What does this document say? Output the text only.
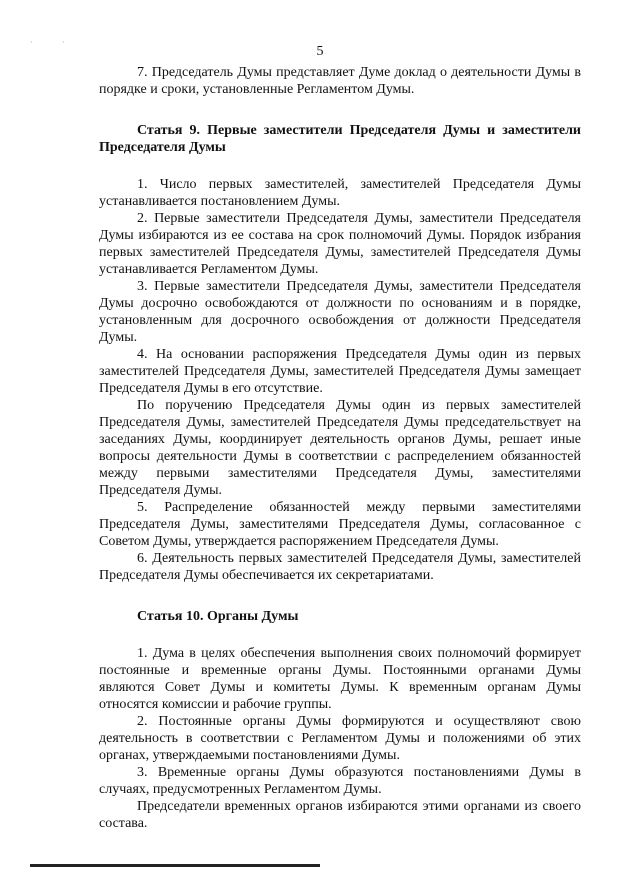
·	·
5

7. Председатель Думы представляет Думе доклад о деятельности Думы в порядке и сроки, установленные Регламентом Думы.

Статья 9. Первые заместители Председателя Думы и заместители Председателя Думы

1. Число первых заместителей, заместителей Председателя Думы устанавливается постановлением Думы.

2. Первые заместители Председателя Думы, заместители Председателя Думы избираются из ее состава на срок полномочий Думы. Порядок избрания первых заместителей Председателя Думы, заместителей Председателя Думы устанавливается Регламентом Думы.

3. Первые заместители Председателя Думы, заместители Председателя Думы досрочно освобождаются от должности по основаниям и в порядке, установленным для досрочного освобождения от должности Председателя Думы.

4. На основании распоряжения Председателя Думы один из первых заместителей Председателя Думы, заместителей Председателя Думы замещает Председателя Думы в его отсутствие.

По поручению Председателя Думы один из первых заместителей Председателя Думы, заместителей Председателя Думы председательствует на заседаниях Думы, координирует деятельность органов Думы, решает иные вопросы деятельности Думы в соответствии с распределением обязанностей между первыми заместителями Председателя Думы, заместителями Председателя Думы.

5. Распределение обязанностей между первыми заместителями Председателя Думы, заместителями Председателя Думы, согласованное с Советом Думы, утверждается распоряжением Председателя Думы.

6. Деятельность первых заместителей Председателя Думы, заместителей Председателя Думы обеспечивается их секретариатами.

Статья 10. Органы Думы

1. Дума в целях обеспечения выполнения своих полномочий формирует постоянные и временные органы Думы. Постоянными органами Думы являются Совет Думы и комитеты Думы. К временным органам Думы относятся комиссии и рабочие группы.

2. Постоянные органы Думы формируются и осуществляют свою деятельность в соответствии с Регламентом Думы и положениями об этих органах, утверждаемыми постановлениями Думы.

3. Временные органы Думы образуются постановлениями Думы в случаях, предусмотренных Регламентом Думы.

Председатели временных органов избираются этими органами из своего состава.
